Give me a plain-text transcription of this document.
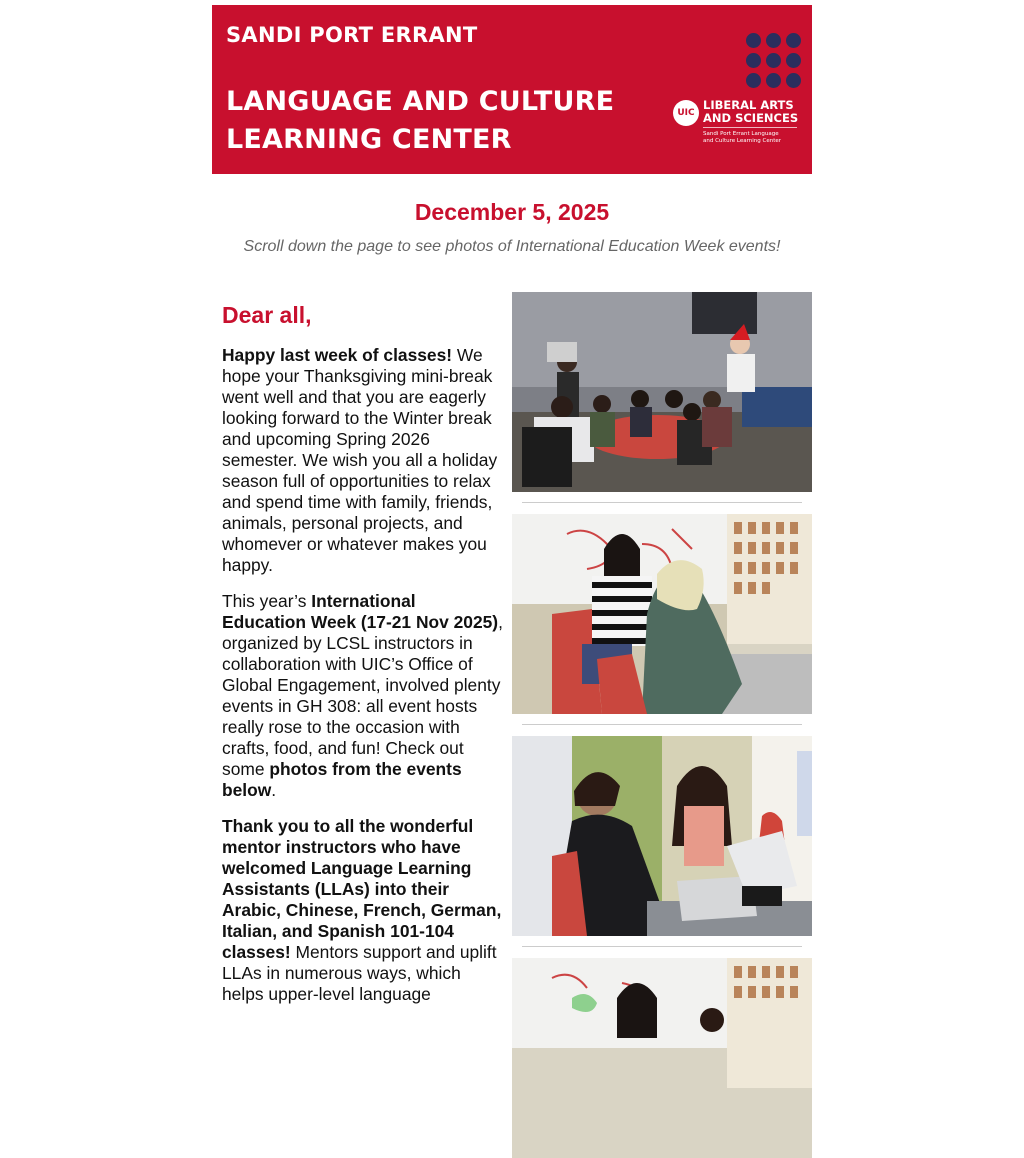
SANDI PORT ERRANT
LANGUAGE AND CULTURE
LEARNING CENTER
UIC
LIBERAL ARTS
AND SCIENCES
Sandi Port Errant Language
and Culture Learning Center
December 5, 2025
Scroll down the page to see photos of International Education Week events!
Dear all,

Happy last week of classes! We hope your Thanksgiving mini-break went well and that you are eagerly looking forward to the Winter break and upcoming Spring 2026 semester. We wish you all a holiday season full of opportunities to relax and spend time with family, friends, animals, personal projects, and whomever or whatever makes you happy.

This year’s International Education Week (17-21 Nov 2025), organized by LCSL instructors in collaboration with UIC’s Office of Global Engagement, involved plenty events in GH 308: all event hosts really rose to the occasion with crafts, food, and fun! Check out some photos from the events below.

Thank you to all the wonderful mentor instructors who have welcomed Language Learning Assistants (LLAs) into their Arabic, Chinese, French, German, Italian, and Spanish 101-104 classes! Mentors support and uplift LLAs in numerous ways, which helps upper-level language
